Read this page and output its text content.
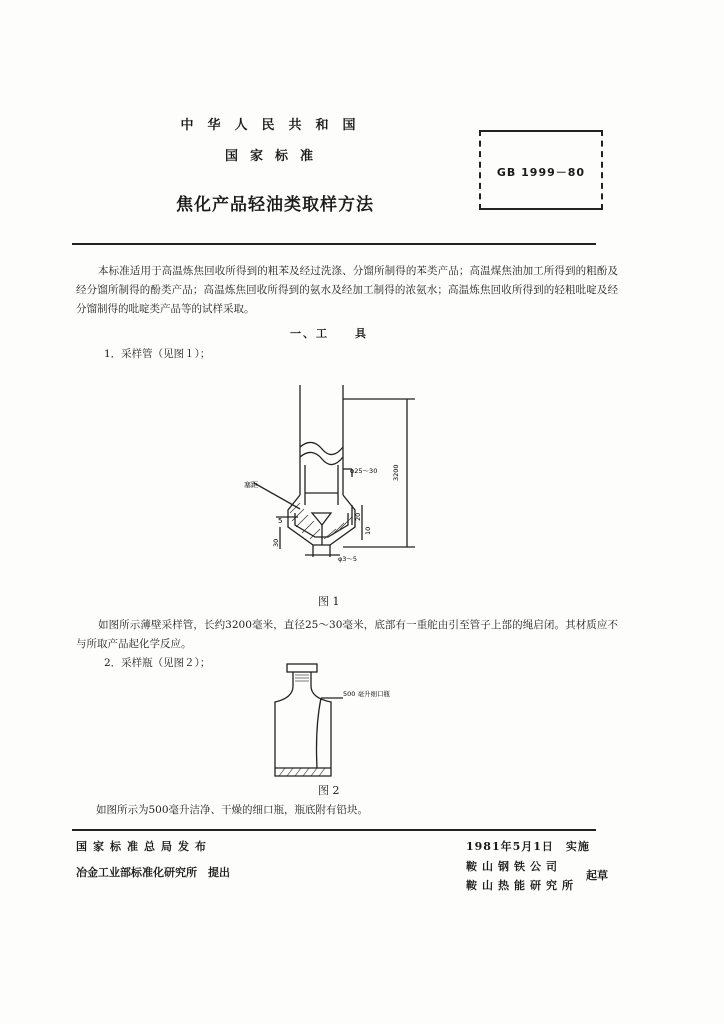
中华人民共和国
国家标准
焦化产品轻油类取样方法
GB 1999－80
本标准适用于高温炼焦回收所得到的粗苯及经过洗涤、分馏所制得的苯类产品；高温煤焦油加工所得到的粗酚及经分馏所制得的酚类产品；高温炼焦回收所得到的氨水及经加工制得的浓氨水；高温炼焦回收所得到的轻粗吡啶及经分馏制得的吡啶类产品等的试样采取。
一、工　　具
1．采样管（见图１）；
塞距
φ25～30 3200
5	20
30
10
φ3～5
图 1
如图所示薄壁采样管，长约3200毫米，直径25～30毫米，底部有一重舵由引至管子上部的绳启闭。其材质应不与所取产品起化学反应。
2．采样瓶（见图２）；
500 毫升细口瓶
图 2
如图所示为500毫升洁净、干燥的细口瓶，瓶底附有铅块。
国家标准总局发布
冶金工业部标准化研究所　提出
1981年5月1日　实施
鞍山钢铁公司
鞍山热能研究所
起草
